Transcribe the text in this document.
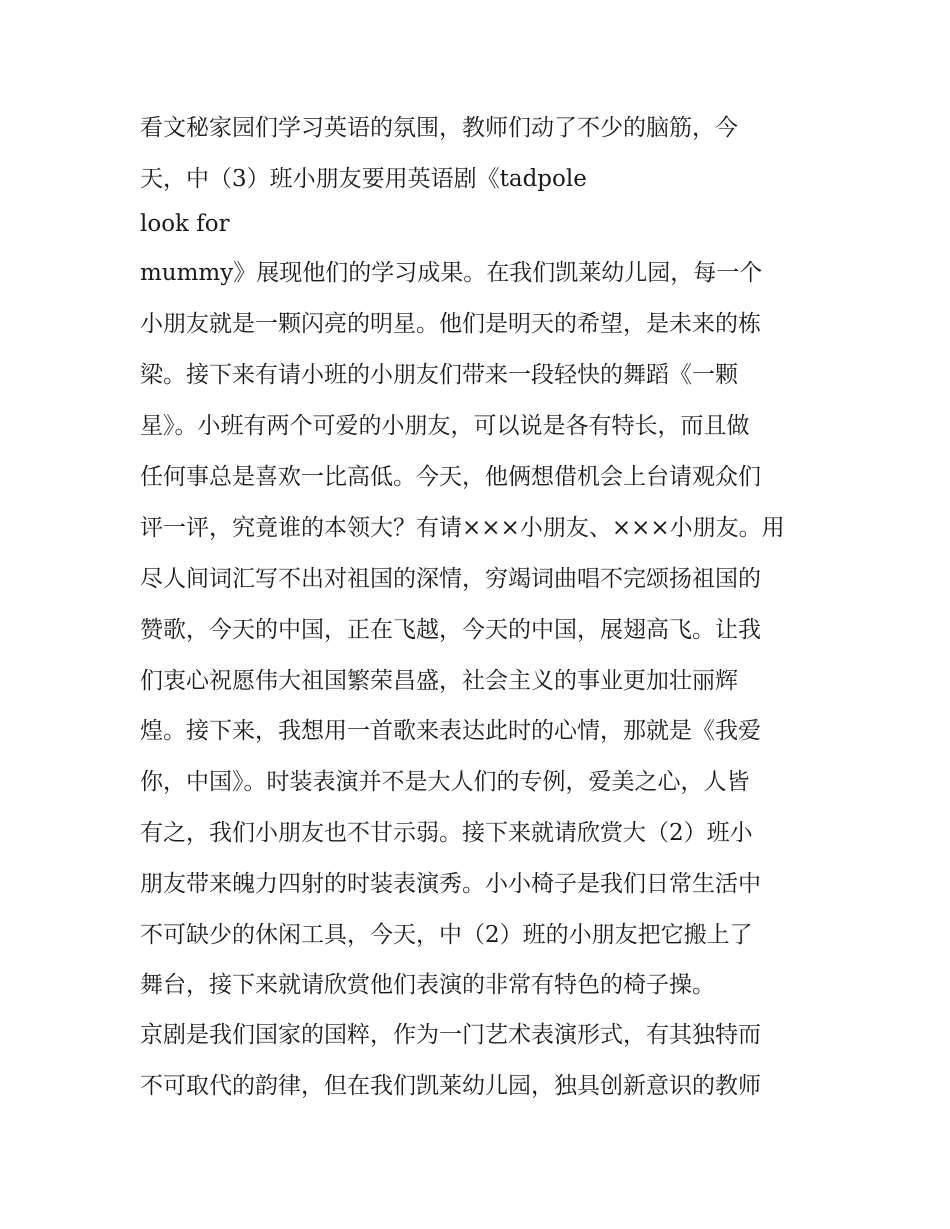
看文秘家园们学习英语的氛围，教师们动了不少的脑筋，今

天，中（3）班小朋友要用英语剧《tadpole

look for

mummy》展现他们的学习成果。在我们凯莱幼儿园，每一个

小朋友就是一颗闪亮的明星。他们是明天的希望，是未来的栋

梁。接下来有请小班的小朋友们带来一段轻快的舞蹈《一颗

星》。小班有两个可爱的小朋友，可以说是各有特长，而且做

任何事总是喜欢一比高低。今天，他俩想借机会上台请观众们

评一评，究竟谁的本领大？有请×××小朋友、×××小朋友。用

尽人间词汇写不出对祖国的深情，穷竭词曲唱不完颂扬祖国的

赞歌，今天的中国，正在飞越，今天的中国，展翅高飞。让我

们衷心祝愿伟大祖国繁荣昌盛，社会主义的事业更加壮丽辉

煌。接下来，我想用一首歌来表达此时的心情，那就是《我爱

你，中国》。时装表演并不是大人们的专例，爱美之心，人皆

有之，我们小朋友也不甘示弱。接下来就请欣赏大（2）班小

朋友带来魄力四射的时装表演秀。小小椅子是我们日常生活中

不可缺少的休闲工具，今天，中（2）班的小朋友把它搬上了

舞台，接下来就请欣赏他们表演的非常有特色的椅子操。

京剧是我们国家的国粹，作为一门艺术表演形式，有其独特而

不可取代的韵律，但在我们凯莱幼儿园，独具创新意识的教师
